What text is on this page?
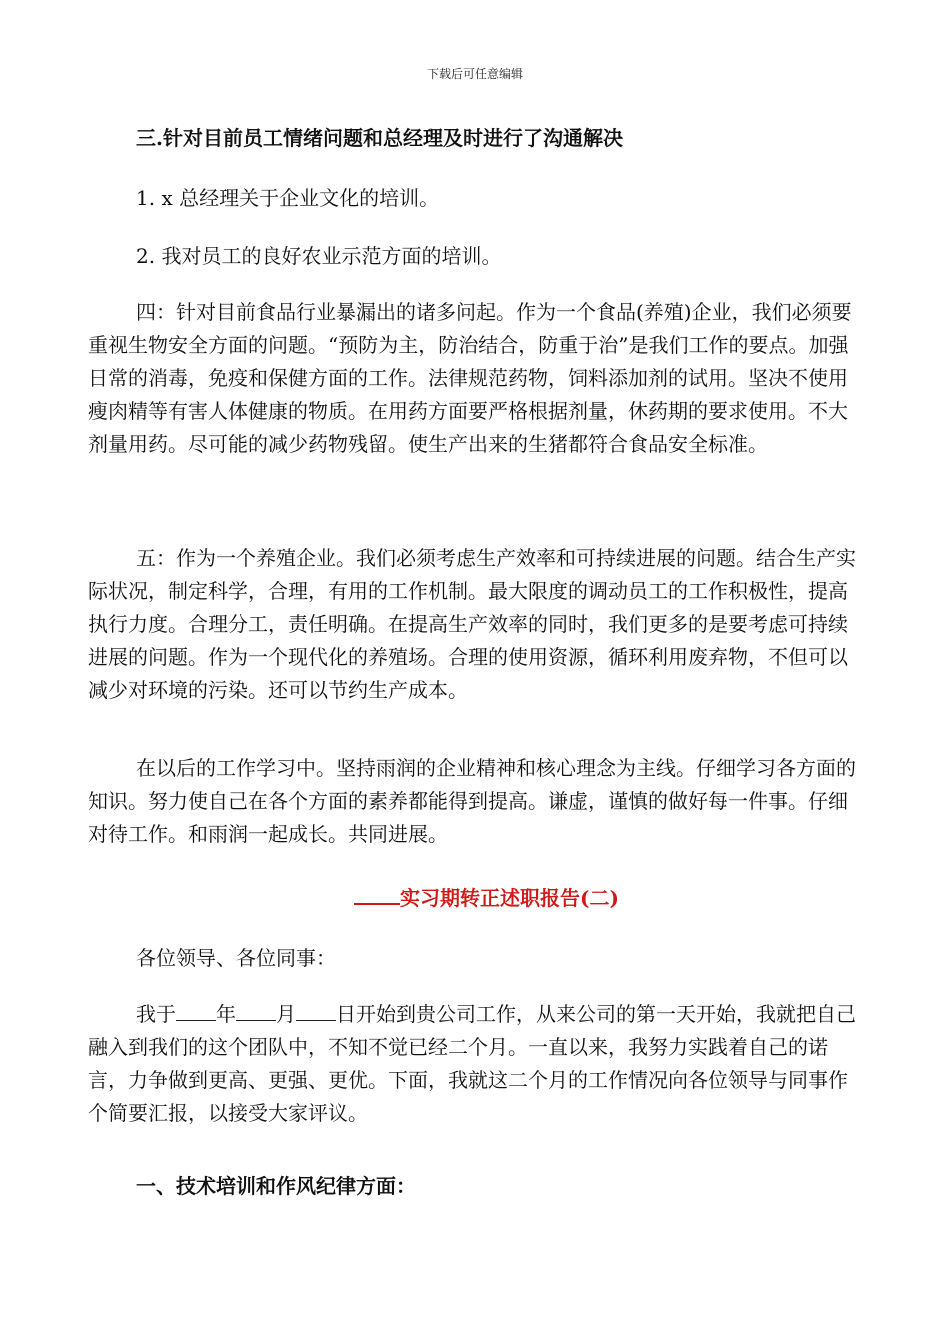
下载后可任意编辑
三.针对目前员工情绪问题和总经理及时进行了沟通解决
1. x 总经理关于企业文化的培训。
2. 我对员工的良好农业示范方面的培训。

四：针对目前食品行业暴漏出的诸多问起。作为一个食品(养殖)企业，我们必须要重视生物安全方面的问题。“预防为主，防治结合，防重于治”是我们工作的要点。加强日常的消毒，免疫和保健方面的工作。法律规范药物，饲料添加剂的试用。坚决不使用瘦肉精等有害人体健康的物质。在用药方面要严格根据剂量，休药期的要求使用。不大剂量用药。尽可能的减少药物残留。使生产出来的生猪都符合食品安全标准。

五：作为一个养殖企业。我们必须考虑生产效率和可持续进展的问题。结合生产实际状况，制定科学，合理，有用的工作机制。最大限度的调动员工的工作积极性，提高执行力度。合理分工，责任明确。在提高生产效率的同时，我们更多的是要考虑可持续进展的问题。作为一个现代化的养殖场。合理的使用资源，循环利用废弃物，不但可以减少对环境的污染。还可以节约生产成本。

在以后的工作学习中。坚持雨润的企业精神和核心理念为主线。仔细学习各方面的知识。努力使自己在各个方面的素养都能得到提高。谦虚，谨慎的做好每一件事。仔细对待工作。和雨润一起成长。共同进展。

实习期转正述职报告(二)
各位领导、各位同事：

我于 年 月 日开始到贵公司工作，从来公司的第一天开始，我就把自己融入到我们的这个团队中，不知不觉已经二个月。一直以来，我努力实践着自己的诺言，力争做到更高、更强、更优。下面，我就这二个月的工作情况向各位领导与同事作个简要汇报，以接受大家评议。

一、技术培训和作风纪律方面：
